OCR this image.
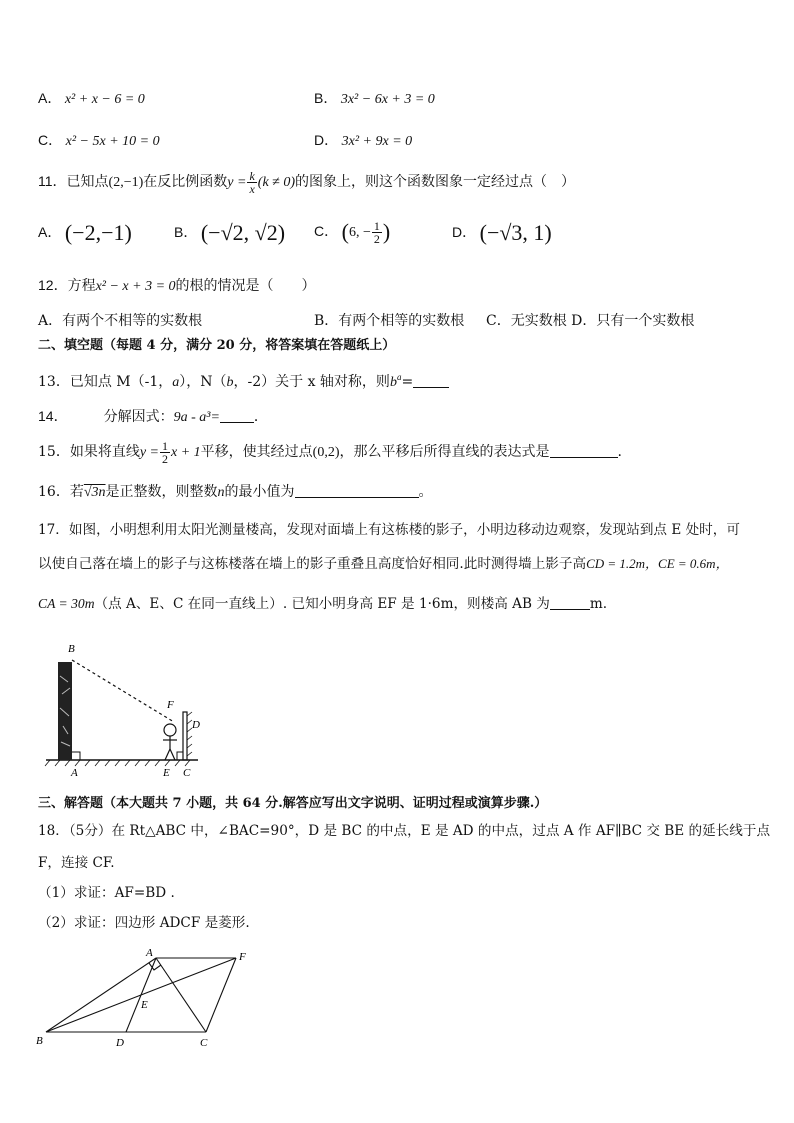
A． x² + x − 6 = 0	B． 3x² − 6x + 3 = 0
C． x² − 5x + 10 = 0	D． 3x² + 9x = 0
11．已知点(2,−1)在反比例函数$y = \frac{k}{x} (k \ne 0)$的图象上，则这个函数图象一定经过点（　）
A． (−2,−1)	B． (−√2, √2) C． (6, − $\frac{1}{2}$ )	D． (−√3, 1)
12．方程x² − x + 3 = 0的根的情况是（　　）
A．有两个不相等的实数根	B．有两个相等的实数根 C．无实数根 D．只有一个实数根
二、填空题（每题 4 分，满分 20 分，将答案填在答题纸上）
13．已知点 M（-1，a），N（b，-2）关于 x 轴对称，则$b^a=$
14．	分解因式：9a - a³= ．
15．如果将直线$y = \frac{1}{2}$ x + 1平移，使其经过点(0,2)，那么平移后所得直线的表达式是	.
16．若√3n是正整数，则整数n的最小值为	。
17．如图，小明想利用太阳光测量楼高，发现对面墙上有这栋楼的影子，小明边移动边观察，发现站到点 E 处时，可
以使自己落在墙上的影子与这栋楼落在墙上的影子重叠且高度恰好相同.此时测得墙上影子高CD = 1.2m，CE = 0.6m，
CA = 30m（点 A、E、C 在同一直线上）. 已知小明身高 EF 是 1·6m，则楼高 AB 为	m.
B
F
D
A	E C
三、解答题（本大题共 7 小题，共 64 分.解答应写出文字说明、证明过程或演算步骤.）
18．（5分）在 Rt△ABC 中，∠BAC=90°，D 是 BC 的中点，E 是 AD 的中点，过点 A 作 AF∥BC 交 BE 的延长线于点
F，连接 CF.
（1）求证：AF=BD .
（2）求证：四边形 ADCF 是菱形.
A	F
E
B	D	C
